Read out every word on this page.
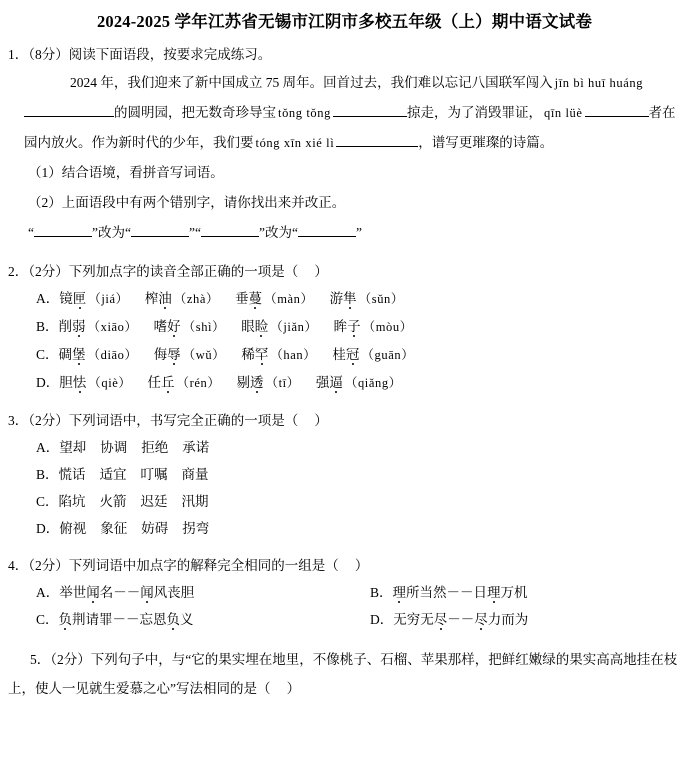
2024-2025 学年江苏省无锡市江阴市多校五年级（上）期中语文试卷
1．（8分）阅读下面语段，按要求完成练习。
2024 年，我们迎来了新中国成立 75 周年。回首过去，我们难以忘记八国联军闯入 jīn bì huī huáng的圆明园，把无数奇珍导宝 tǒng tǒng	掠走，为了消毁罪证， qīn lüè	者在园内放火。作为新时代的少年，我们要 tóng xīn xié lì	，谱写更璀璨的诗篇。
（1）结合语境，看拼音写词语。
（2）上面语段中有两个错别字，请你找出来并改正。
“	”改为“	”“	”改为“	”
2．（2分）下列加点字的读音全部正确的一项是（ ）
A．镜匣 （jiá） 榨油 （zhà） 垂蔓 （màn） 游隼 （sǔn）
B．削弱 （xiāo） 嗜好 （shì） 眼睑 （jiǎn） 眸子 （mòu）
C．碉堡 （diāo） 侮辱 （wǔ） 稀罕 （han） 桂冠 （guān）
D．胆怯 （qiè） 任丘 （rén） 剔透 （tī） 强逼 （qiǎng）
3．（2分）下列词语中，书写完全正确的一项是（ ）
A．望却 协调 拒绝 承诺
B．慌话 适宜 叮嘱 商量
C．陷坑 火箭 迟廷 汛期
D．俯视 象征 妨碍 拐弯
4．（2分）下列词语中加点字的解释完全相同的一组是（ ）
A．举世闻名－－闻风丧胆	B．理所当然－－日理万机
C．负荆请罪－－忘恩负义	D．无穷无尽－－尽力而为
5．（2分）下列句子中，与“它的果实埋在地里，不像桃子、石榴、苹果那样，把鲜红嫩绿的果实高高地挂在枝上，使人一见就生爱慕之心”写法相同的是（ ）
